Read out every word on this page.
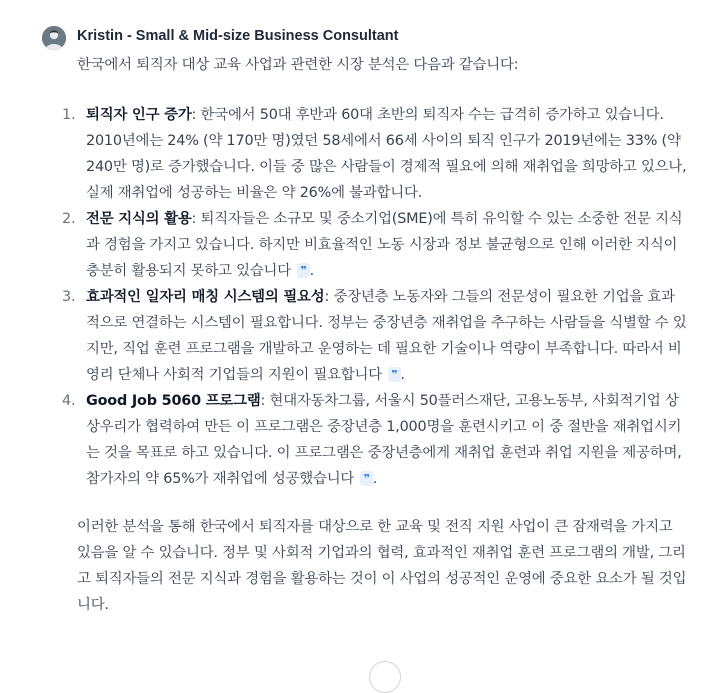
Kristin - Small & Mid-size Business Consultant

한국에서 퇴직자 대상 교육 사업과 관련한 시장 분석은 다음과 같습니다:

1. 퇴직자 인구 증가: 한국에서 50대 후반과 60대 초반의 퇴직자 수는 급격히 증가하고 있습니다. 2010년에는 24% (약 170만 명)였던 58세에서 66세 사이의 퇴직 인구가 2019년에는 33% (약 240만 명)로 증가했습니다. 이들 중 많은 사람들이 경제적 필요에 의해 재취업을 희망하고 있으나, 실제 재취업에 성공하는 비율은 약 26%에 불과합니다.
2. 전문 지식의 활용: 퇴직자들은 소규모 및 중소기업(SME)에 특히 유익할 수 있는 소중한 전문 지식과 경험을 가지고 있습니다. 하지만 비효율적인 노동 시장과 정보 불균형으로 인해 이러한 지식이 충분히 활용되지 못하고 있습니다 ❞ .
3. 효과적인 일자리 매칭 시스템의 필요성: 중장년층 노동자와 그들의 전문성이 필요한 기업을 효과적으로 연결하는 시스템이 필요합니다. 정부는 중장년층 재취업을 추구하는 사람들을 식별할 수 있지만, 직업 훈련 프로그램을 개발하고 운영하는 데 필요한 기술이나 역량이 부족합니다. 따라서 비영리 단체나 사회적 기업들의 지원이 필요합니다 ❞ .
4. Good Job 5060 프로그램: 현대자동차그룹, 서울시 50플러스재단, 고용노동부, 사회적기업 상상우리가 협력하여 만든 이 프로그램은 중장년층 1,000명을 훈련시키고 이 중 절반을 재취업시키는 것을 목표로 하고 있습니다. 이 프로그램은 중장년층에게 재취업 훈련과 취업 지원을 제공하며, 참가자의 약 65%가 재취업에 성공했습니다 ❞ .

이러한 분석을 통해 한국에서 퇴직자를 대상으로 한 교육 및 전직 지원 사업이 큰 잠재력을 가지고 있음을 알 수 있습니다. 정부 및 사회적 기업과의 협력, 효과적인 재취업 훈련 프로그램의 개발, 그리고 퇴직자들의 전문 지식과 경험을 활용하는 것이 이 사업의 성공적인 운영에 중요한 요소가 될 것입니다.
